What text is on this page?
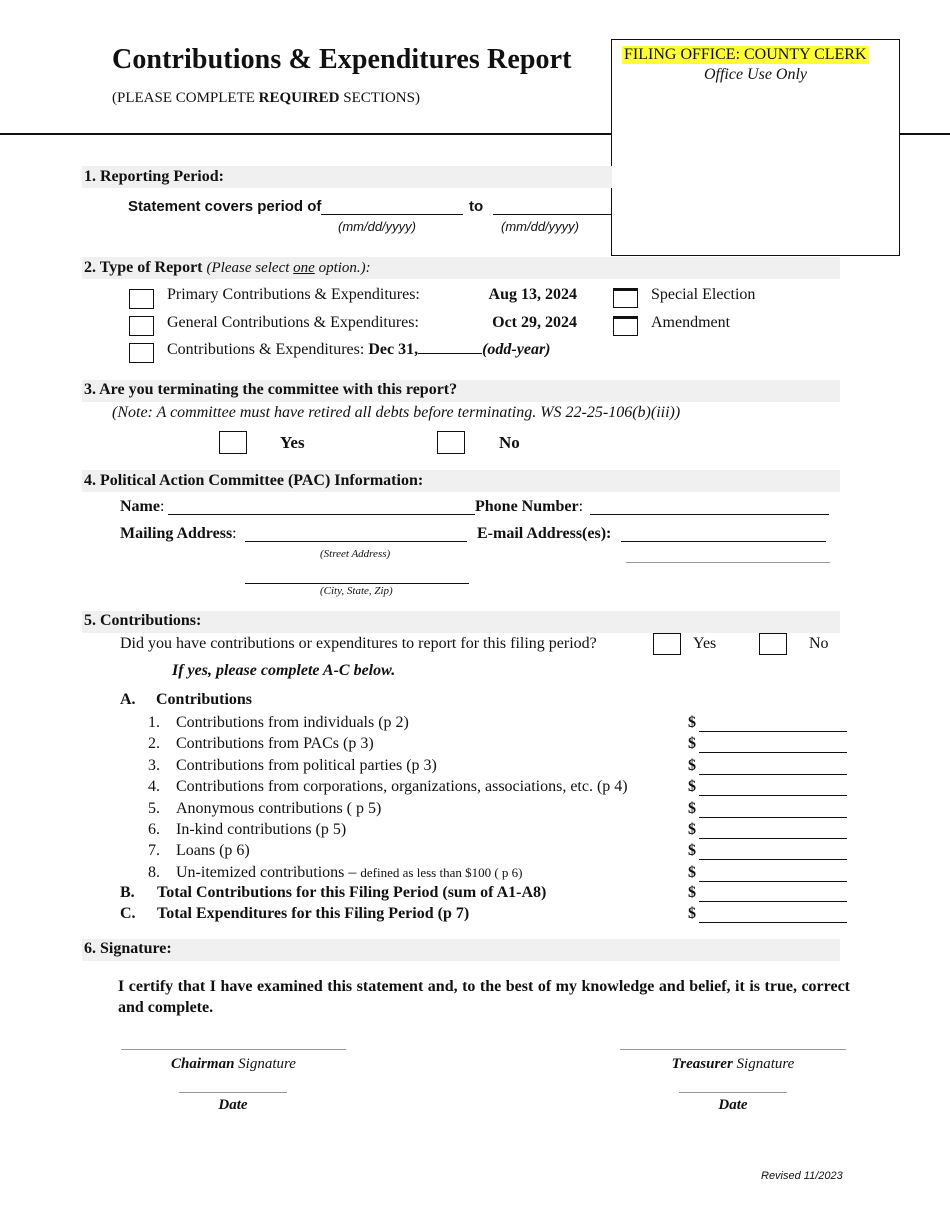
Contributions & Expenditures Report
(PLEASE COMPLETE REQUIRED SECTIONS)
FILING OFFICE: COUNTY CLERK
Office Use Only
1. Reporting Period:
Statement covers period of	to
(mm/dd/yyyy)	(mm/dd/yyyy)
2. Type of Report (Please select one option.):
Primary Contributions & Expenditures:	Aug 13, 2024
General Contributions & Expenditures:	Oct 29, 2024
Contributions & Expenditures: Dec 31,	(odd-year)
Special Election
Amendment
3. Are you terminating the committee with this report?
(Note: A committee must have retired all debts before terminating. WS 22-25-106(b)(iii))
Yes	No
4. Political Action Committee (PAC) Information:
Name:	Phone Number:
Mailing Address:	E-mail Address(es):
(Street Address)
(City, State, Zip)
5. Contributions:
Did you have contributions or expenditures to report for this filing period?	Yes	No
If yes, please complete A-C below.
A. Contributions
1. Contributions from individuals (p 2)	$
2. Contributions from PACs (p 3)	$
3. Contributions from political parties (p 3)	$
4. Contributions from corporations, organizations, associations, etc. (p 4)	$
5. Anonymous contributions ( p 5)	$
6. In-kind contributions (p 5)	$
7. Loans (p 6)	$
8. Un-itemized contributions – defined as less than $100 ( p 6)	$
B. Total Contributions for this Filing Period (sum of A1-A8)	$
C. Total Expenditures for this Filing Period (p 7)	$
6. Signature:
I certify that I have examined this statement and, to the best of my knowledge and belief, it is true, correct and complete.
Chairman Signature
Date
Treasurer Signature
Date
Revised 11/2023
